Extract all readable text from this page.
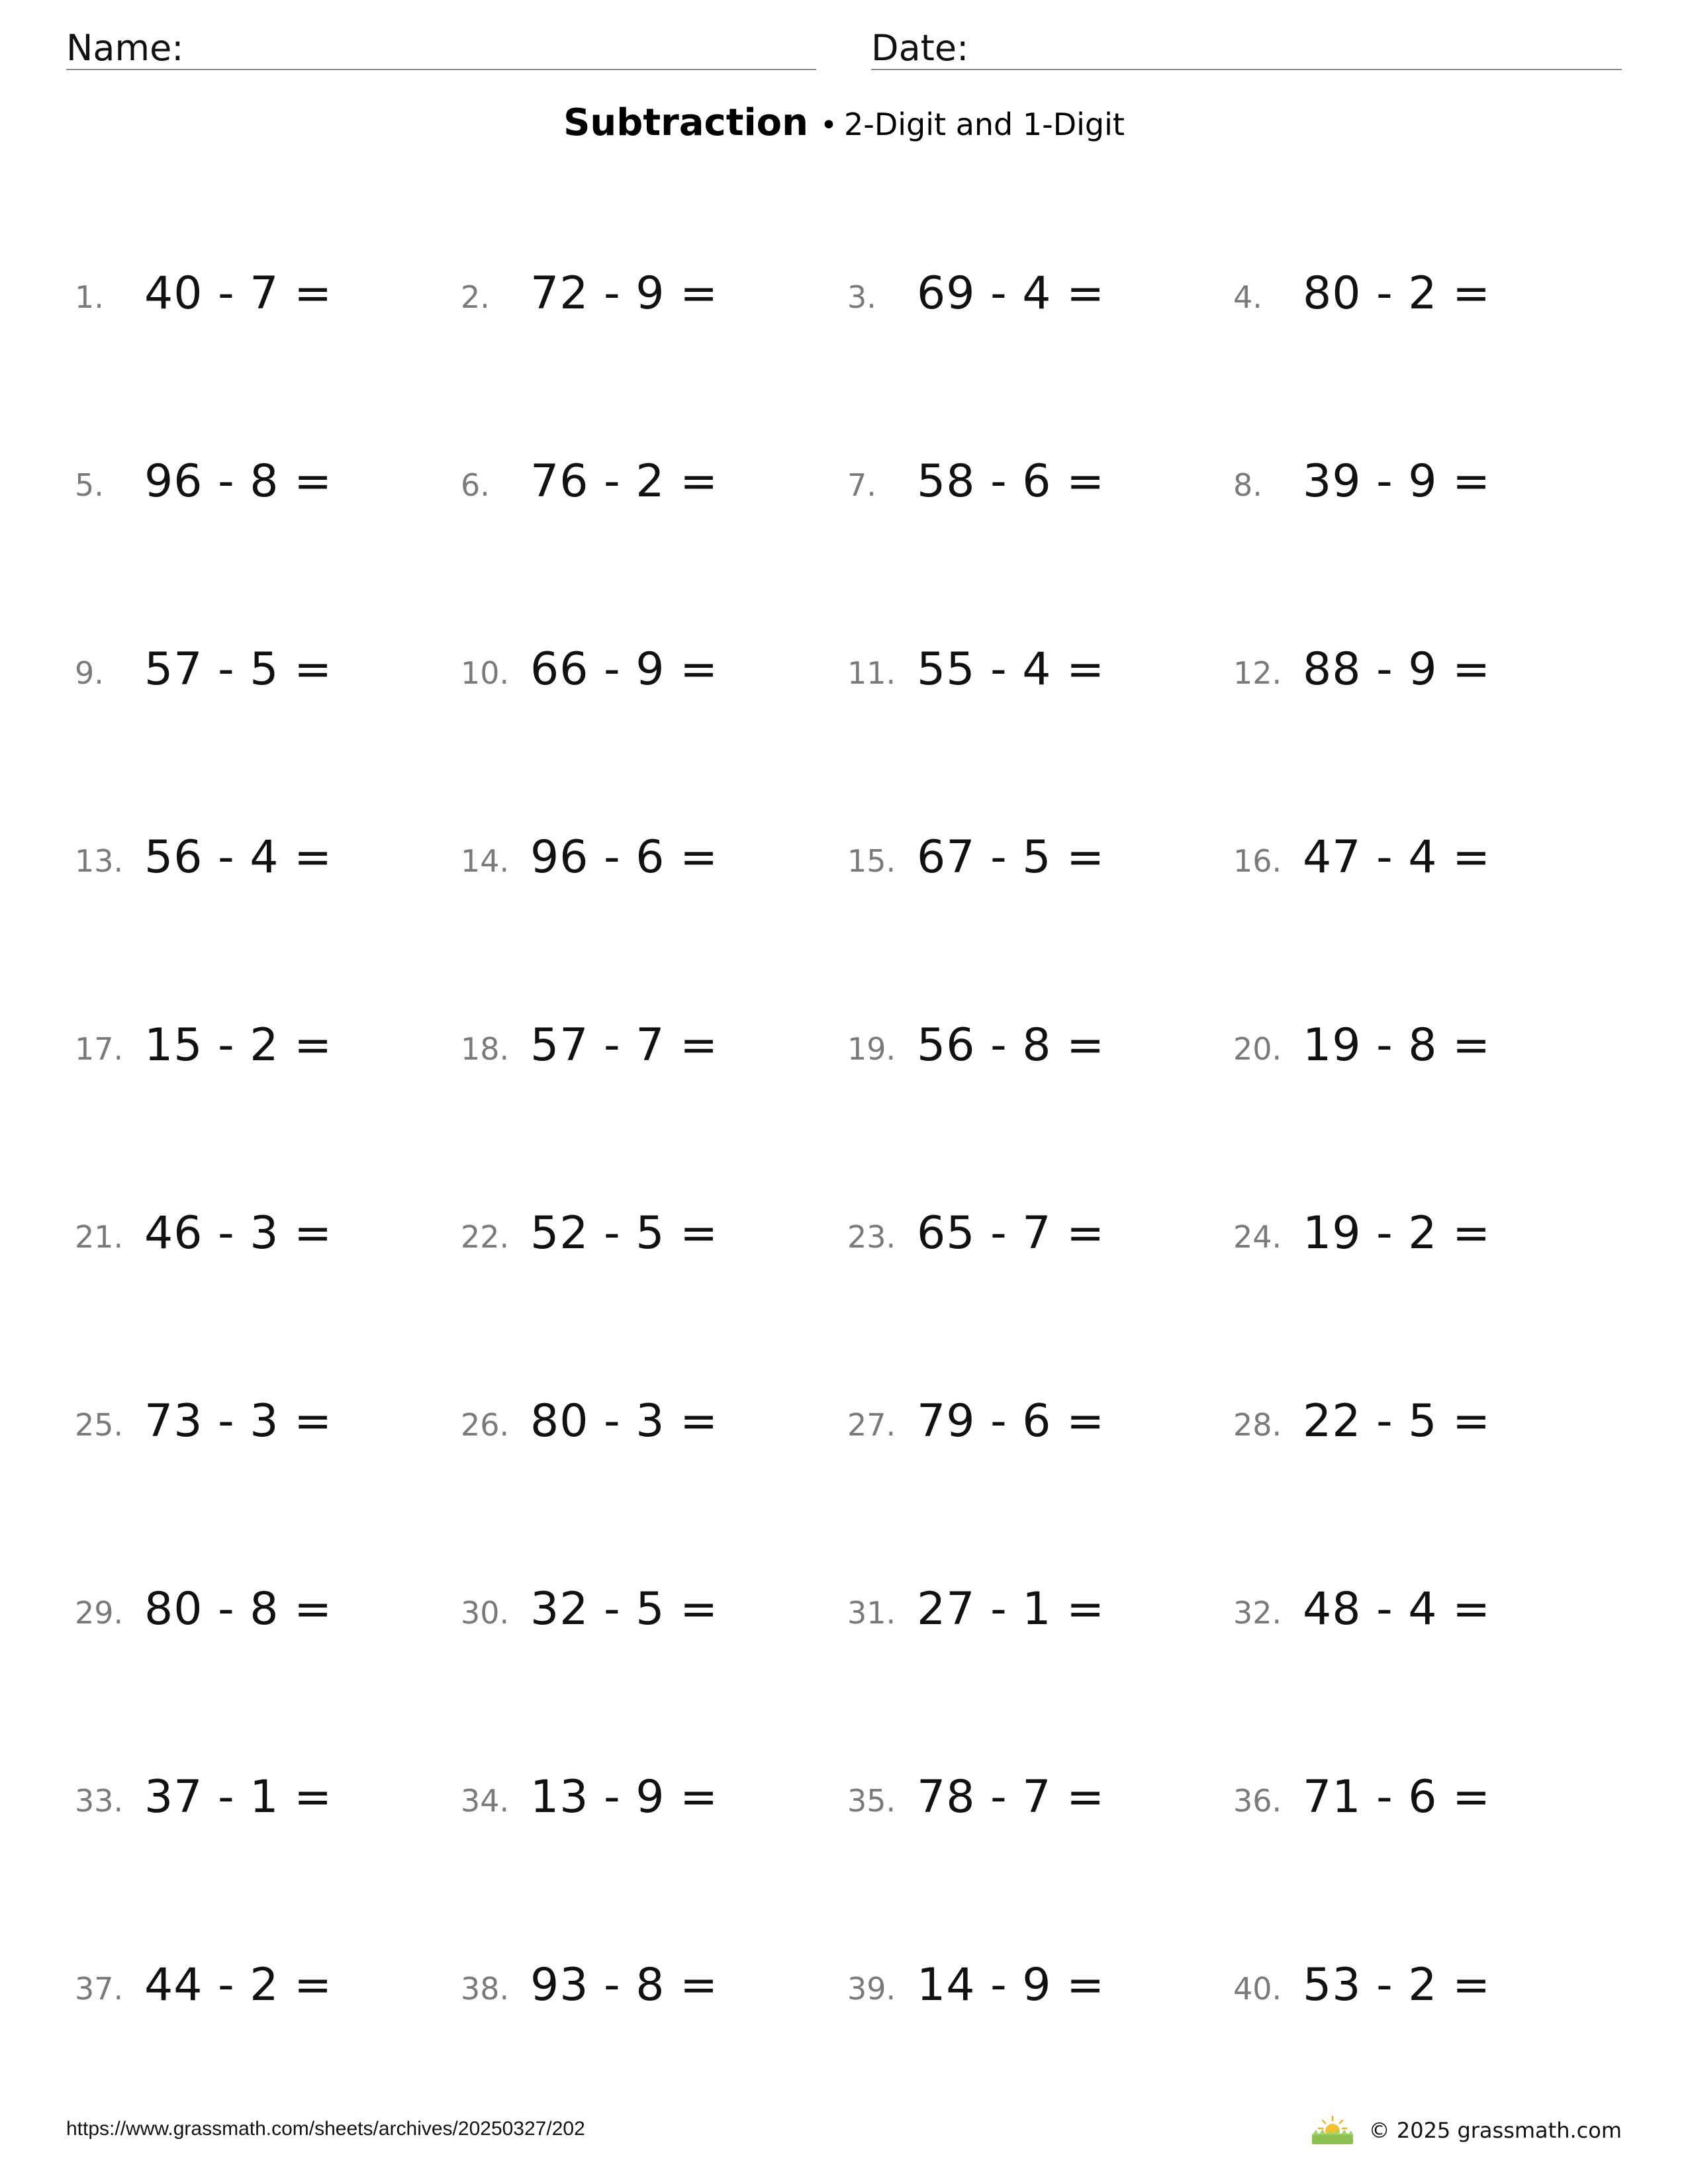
Name:	Date:
Subtraction • 2-Digit and 1-Digit
1. 40 - 7 =	2. 72 - 9 =	3. 69 - 4 =	4. 80 - 2 =
5. 96 - 8 =	6. 76 - 2 =	7. 58 - 6 =	8. 39 - 9 =
9. 57 - 5 =	10. 66 - 9 =	11. 55 - 4 =	12. 88 - 9 =
13. 56 - 4 =	14. 96 - 6 =	15. 67 - 5 =	16. 47 - 4 =
17. 15 - 2 =	18. 57 - 7 =	19. 56 - 8 =	20. 19 - 8 =
21. 46 - 3 =	22. 52 - 5 =	23. 65 - 7 =	24. 19 - 2 =
25. 73 - 3 =	26. 80 - 3 =	27. 79 - 6 =	28. 22 - 5 =
29. 80 - 8 =	30. 32 - 5 =	31. 27 - 1 =	32. 48 - 4 =
33. 37 - 1 =	34. 13 - 9 =	35. 78 - 7 =	36. 71 - 6 =
37. 44 - 2 =	38. 93 - 8 =	39. 14 - 9 =	40. 53 - 2 =
https://www.grassmath.com/sheets/archives/20250327/202	© 2025 grassmath.com
